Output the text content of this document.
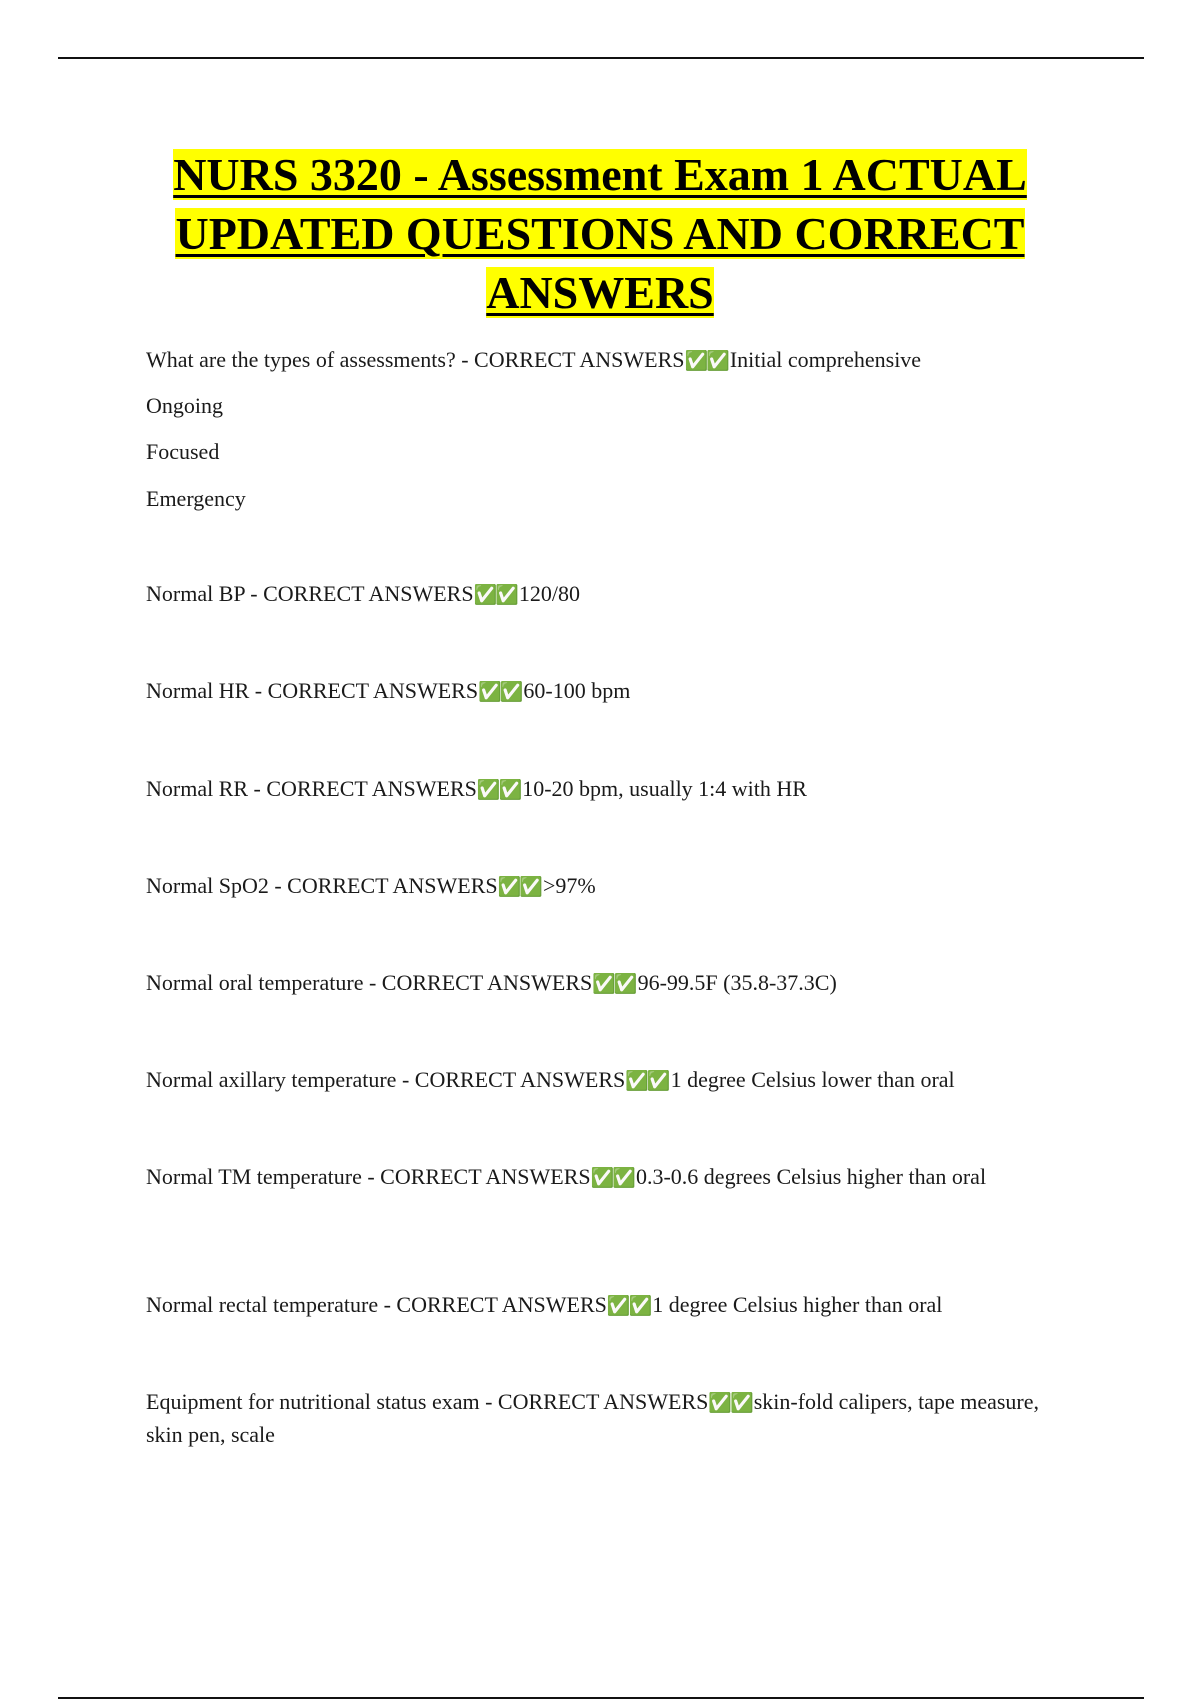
NURS 3320 - Assessment Exam 1 ACTUAL UPDATED QUESTIONS AND CORRECT ANSWERS
What are the types of assessments? - CORRECT ANSWERS✅✅Initial comprehensive
Ongoing
Focused
Emergency
Normal BP - CORRECT ANSWERS✅✅120/80
Normal HR - CORRECT ANSWERS✅✅60-100 bpm
Normal RR - CORRECT ANSWERS✅✅10-20 bpm, usually 1:4 with HR
Normal SpO2 - CORRECT ANSWERS✅✅>97%
Normal oral temperature - CORRECT ANSWERS✅✅96-99.5F (35.8-37.3C)
Normal axillary temperature - CORRECT ANSWERS✅✅1 degree Celsius lower than oral
Normal TM temperature - CORRECT ANSWERS✅✅0.3-0.6 degrees Celsius higher than oral
Normal rectal temperature - CORRECT ANSWERS✅✅1 degree Celsius higher than oral
Equipment for nutritional status exam - CORRECT ANSWERS✅✅skin-fold calipers, tape measure, skin pen, scale
